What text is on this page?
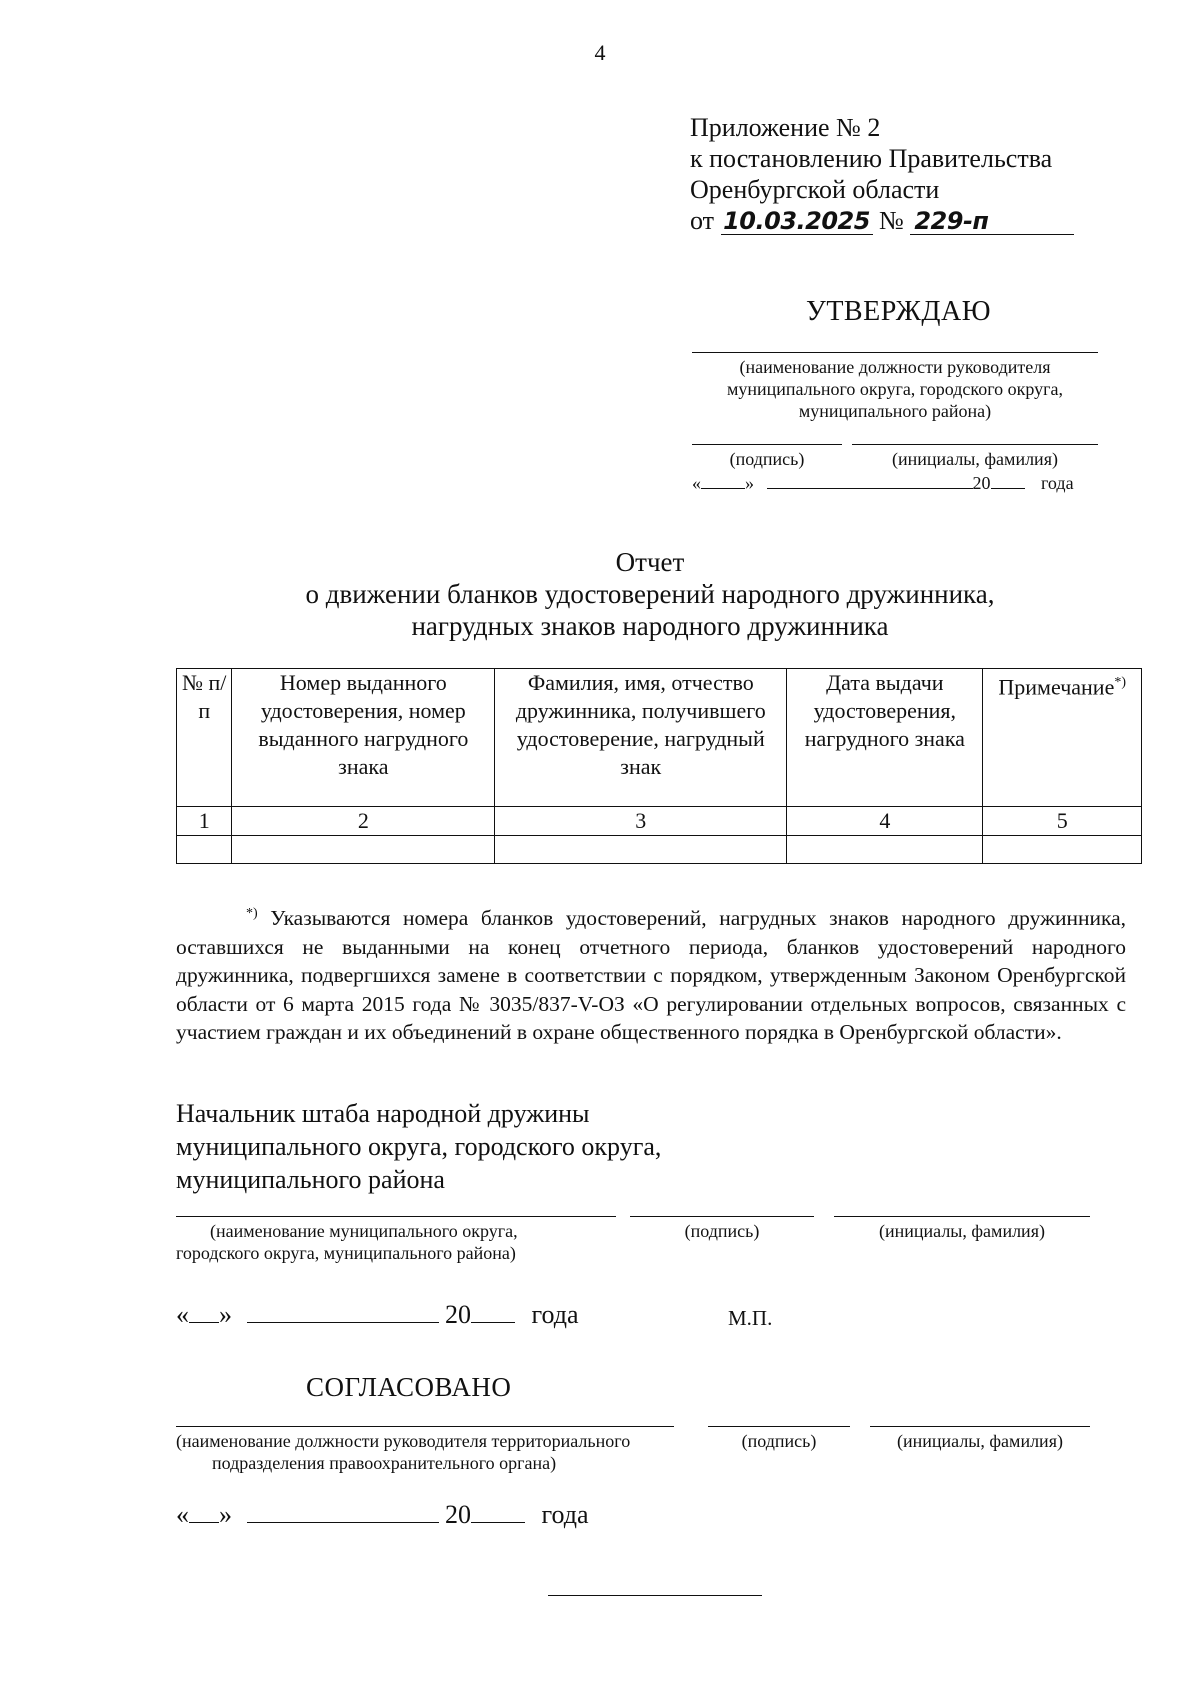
4
Приложение № 2
к постановлению Правительства
Оренбургской области
от 10.03.2025 № 229-п
УТВЕРЖДАЮ
(наименование должности руководителя муниципального округа, городского округа, муниципального района)
(подпись)	(инициалы, фамилия)
« »	20	года
Отчет
о движении бланков удостоверений народного дружинника,
нагрудных знаков народного дружинника
№ п/п	Номер выданного удостоверения, номер выданного нагрудного знака	Фамилия, имя, отчество дружинника, получившего удостоверение, нагрудный знак	Дата выдачи удостоверения, нагрудного знака	Примечание*)
1	2	3	4	5

*) Указываются номера бланков удостоверений, нагрудных знаков народного дружинника, оставшихся не выданными на конец отчетного периода, бланков удостоверений народного дружинника, подвергшихся замене в соответствии с порядком, утвержденным Законом Оренбургской области от 6 марта 2015 года № 3035/837-V-ОЗ «О регулировании отдельных вопросов, связанных с участием граждан и их объединений в охране общественного порядка в Оренбургской области».
Начальник штаба народной дружины
муниципального округа, городского округа,
муниципального района
(наименование муниципального округа,
городского округа, муниципального района)
(подпись)	(инициалы, фамилия)
« »	20 года	М.П.
СОГЛАСОВАНО
(наименование должности руководителя территориального
подразделения правоохранительного органа)
(подпись)	(инициалы, фамилия)
« »	20	года
